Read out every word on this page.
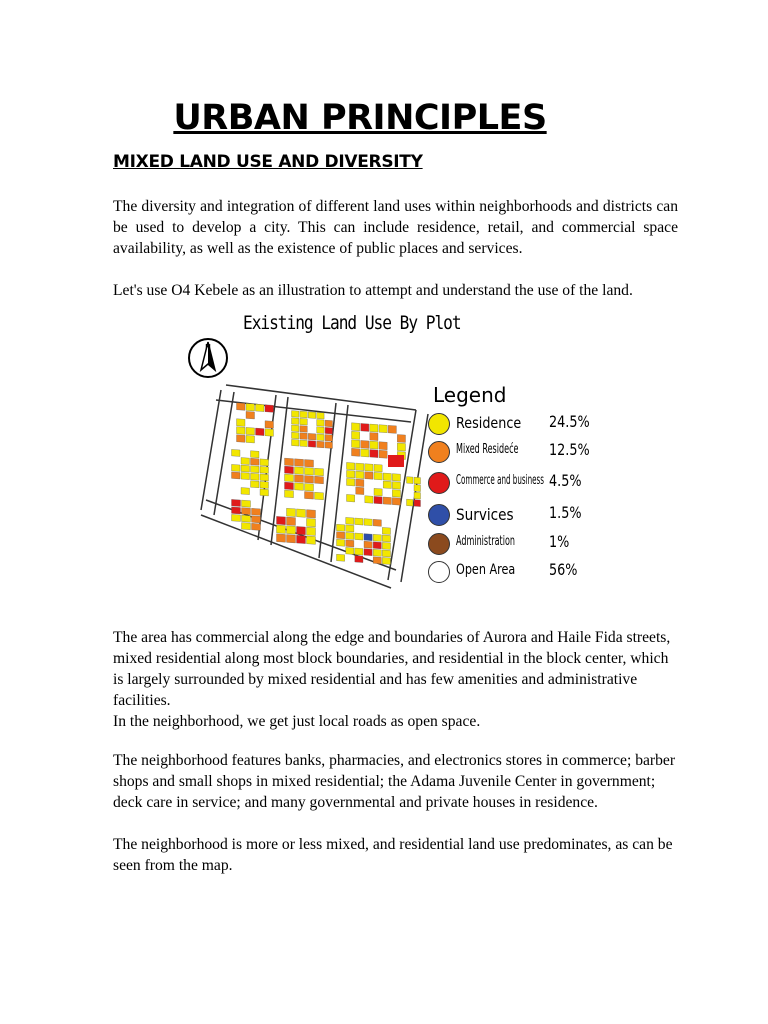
URBAN PRINCIPLES
MIXED LAND USE AND DIVERSITY
The diversity and integration of different land uses within neighborhoods and districts can be used to develop a city. This can include residence, retail, and commercial space availability, as well as the existence of public places and services.
Let's use O4 Kebele as an illustration to attempt and understand the use of the land.
N
Existing Land Use By Plot
Legend
Residence 24.5%
Mixed Resideće 12.5%
Commerce and business 4.5%
Survices 1.5%
Administration 1%
Open Area 56%
The area has commercial along the edge and boundaries of Aurora and Haile Fida streets, mixed residential along most block boundaries, and residential in the block center, which is largely surrounded by mixed residential and has few amenities and administrative facilities.
In the neighborhood, we get just local roads as open space.
The neighborhood features banks, pharmacies, and electronics stores in commerce; barber shops and small shops in mixed residential; the Adama Juvenile Center in government; deck care in service; and many governmental and private houses in residence.
The neighborhood is more or less mixed, and residential land use predominates, as can be seen from the map.
